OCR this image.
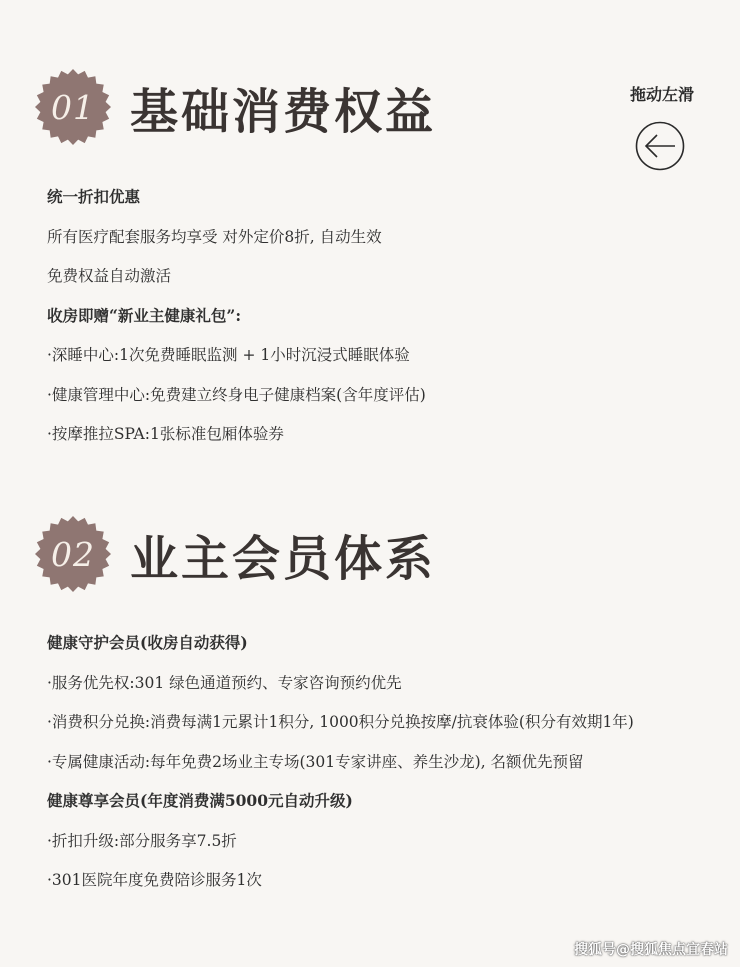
01 基础消费权益	拖动左滑
统一折扣优惠
所有医疗配套服务均享受 对外定价8折, 自动生效
免费权益自动激活
收房即赠“新业主健康礼包”:
·深睡中心:1次免费睡眠监测 + 1小时沉浸式睡眠体验
·健康管理中心:免费建立终身电子健康档案(含年度评估)
·按摩推拉SPA:1张标准包厢体验券
02 业主会员体系
健康守护会员(收房自动获得)
·服务优先权:301 绿色通道预约、专家咨询预约优先
·消费积分兑换:消费每满1元累计1积分, 1000积分兑换按摩/抗衰体验(积分有效期1年)
·专属健康活动:每年免费2场业主专场(301专家讲座、养生沙龙), 名额优先预留
健康尊享会员(年度消费满5000元自动升级)
·折扣升级:部分服务享7.5折
·301医院年度免费陪诊服务1次
搜狐号@搜狐焦点宜春站
